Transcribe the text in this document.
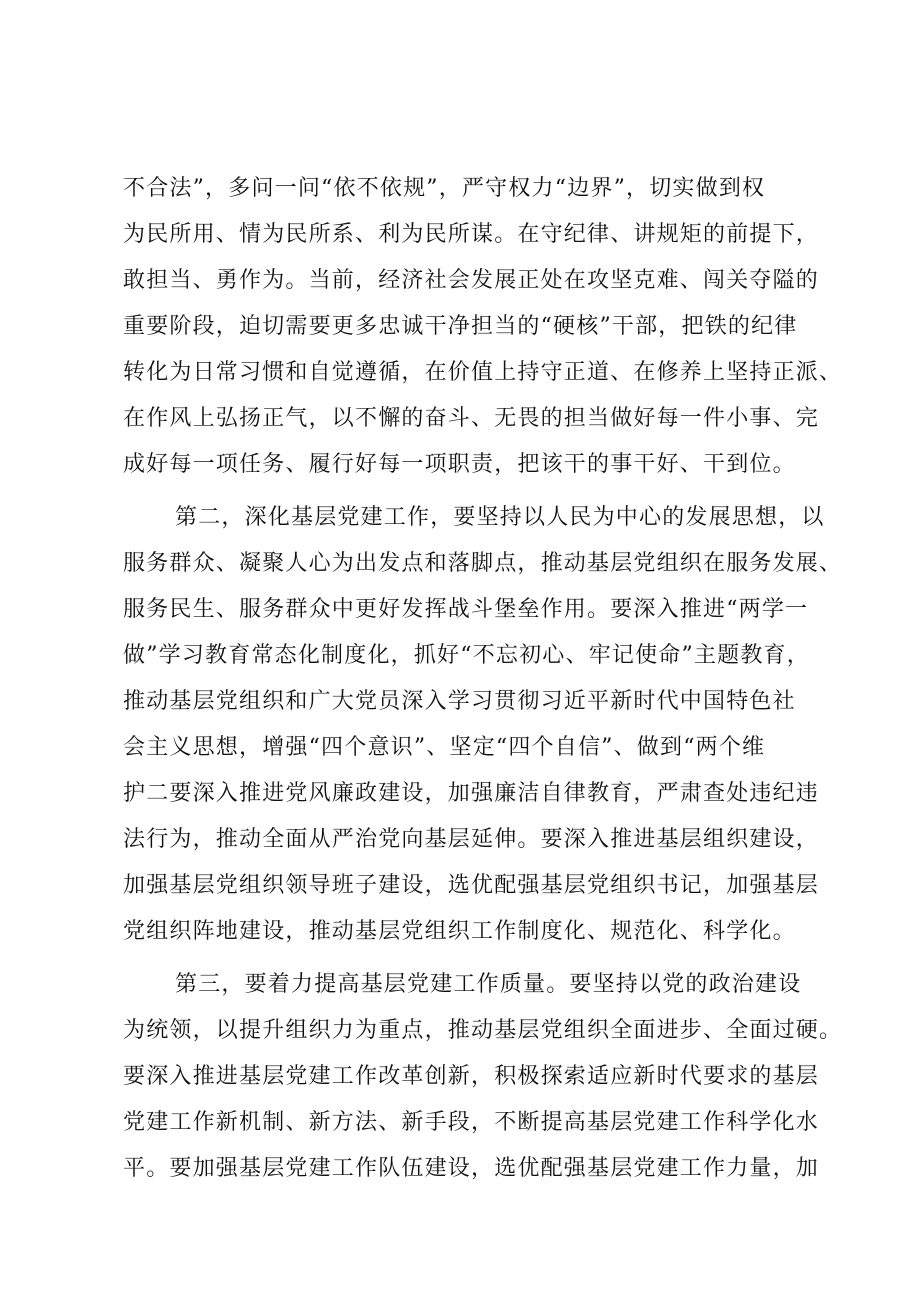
不合法”，多问一问“依不依规”，严守权力“边界”，切实做到权
为民所用、情为民所系、利为民所谋。在守纪律、讲规矩的前提下，
敢担当、勇作为。当前，经济社会发展正处在攻坚克难、闯关夺隘的
重要阶段，迫切需要更多忠诚干净担当的“硬核”干部，把铁的纪律
转化为日常习惯和自觉遵循，在价值上持守正道、在修养上坚持正派、
在作风上弘扬正气，以不懈的奋斗、无畏的担当做好每一件小事、完
成好每一项任务、履行好每一项职责，把该干的事干好、干到位。
第二，深化基层党建工作，要坚持以人民为中心的发展思想，以
服务群众、凝聚人心为出发点和落脚点，推动基层党组织在服务发展、
服务民生、服务群众中更好发挥战斗堡垒作用。要深入推进“两学一
做”学习教育常态化制度化，抓好“不忘初心、牢记使命”主题教育，
推动基层党组织和广大党员深入学习贯彻习近平新时代中国特色社
会主义思想，增强“四个意识”、坚定“四个自信”、做到“两个维
护二要深入推进党风廉政建设，加强廉洁自律教育，严肃查处违纪违
法行为，推动全面从严治党向基层延伸。要深入推进基层组织建设，
加强基层党组织领导班子建设，选优配强基层党组织书记，加强基层
党组织阵地建设，推动基层党组织工作制度化、规范化、科学化。
第三，要着力提高基层党建工作质量。要坚持以党的政治建设
为统领，以提升组织力为重点，推动基层党组织全面进步、全面过硬。
要深入推进基层党建工作改革创新，积极探索适应新时代要求的基层
党建工作新机制、新方法、新手段，不断提高基层党建工作科学化水
平。要加强基层党建工作队伍建设，选优配强基层党建工作力量，加
